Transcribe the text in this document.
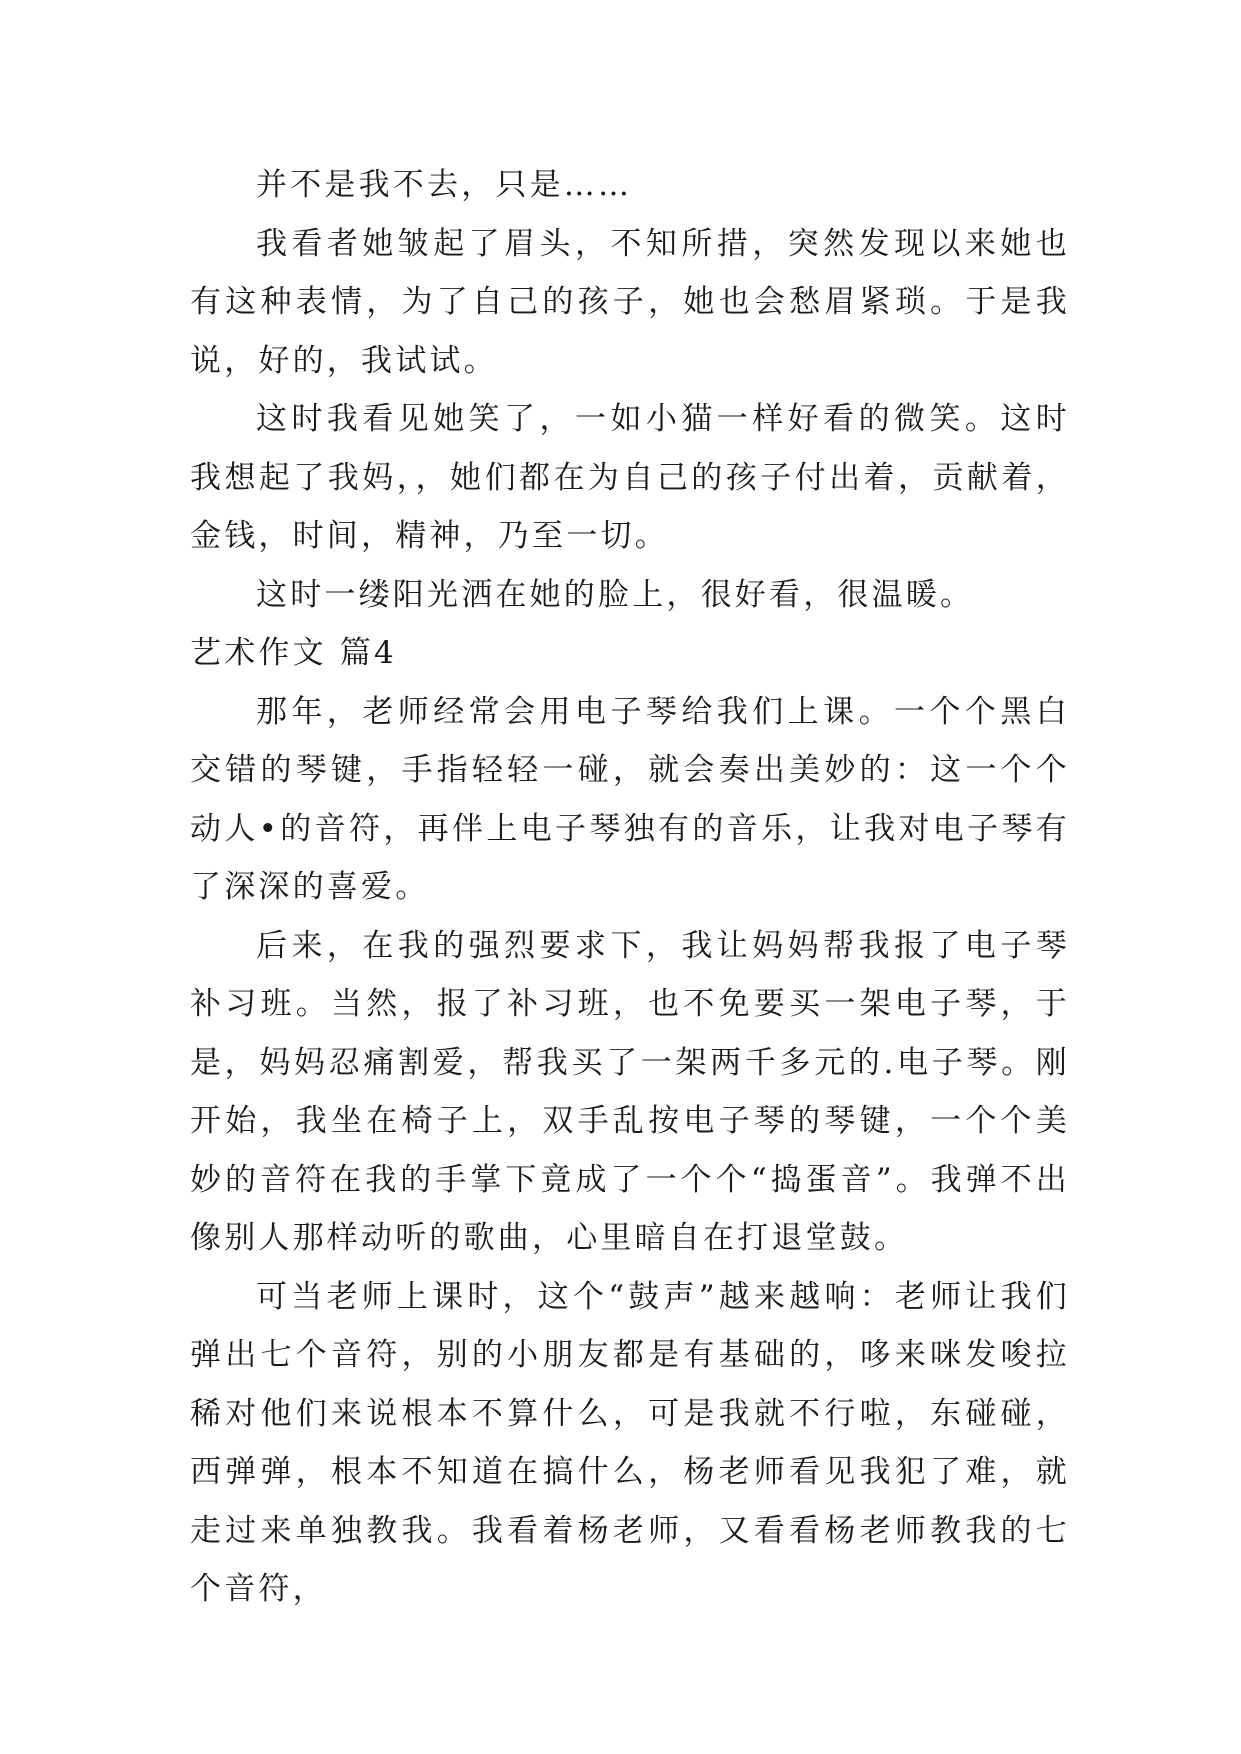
并不是我不去，只是……

我看者她皱起了眉头，不知所措，突然发现以来她也有这种表情，为了自己的孩子，她也会愁眉紧琐。于是我说，好的，我试试。

这时我看见她笑了，一如小猫一样好看的微笑。这时我想起了我妈，，她们都在为自己的孩子付出着，贡献着，金钱，时间，精神，乃至一切。

这时一缕阳光洒在她的脸上，很好看，很温暖。

艺术作文 篇4

那年，老师经常会用电子琴给我们上课。一个个黑白交错的琴键，手指轻轻一碰，就会奏出美妙的：这一个个动人•的音符，再伴上电子琴独有的音乐，让我对电子琴有了深深的喜爱。

后来，在我的强烈要求下，我让妈妈帮我报了电子琴补习班。当然，报了补习班，也不免要买一架电子琴，于是，妈妈忍痛割爱，帮我买了一架两千多元的.电子琴。刚开始，我坐在椅子上，双手乱按电子琴的琴键，一个个美妙的音符在我的手掌下竟成了一个个“捣蛋音”。我弹不出像别人那样动听的歌曲，心里暗自在打退堂鼓。

可当老师上课时，这个“鼓声”越来越响：老师让我们弹出七个音符，别的小朋友都是有基础的，哆来咪发唆拉稀对他们来说根本不算什么，可是我就不行啦，东碰碰，西弹弹，根本不知道在搞什么，杨老师看见我犯了难，就走过来单独教我。我看着杨老师，又看看杨老师教我的七个音符，
